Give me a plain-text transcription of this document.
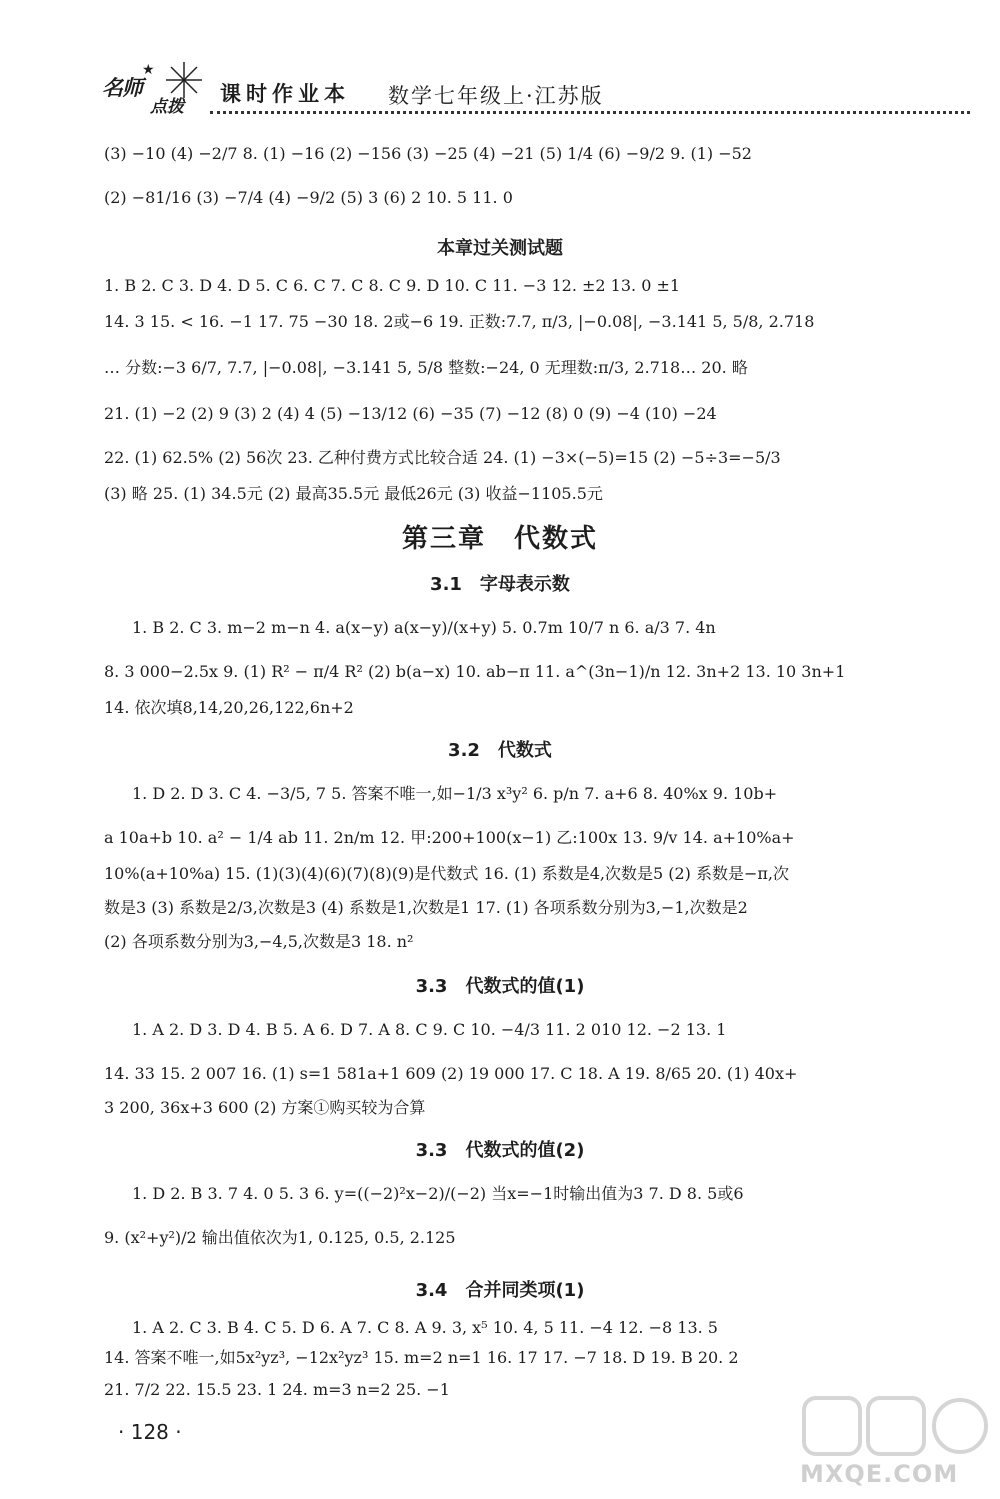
名师
点拨
★
课时作业本 数学七年级上·江苏版
(3) −10 (4) −2/7 8. (1) −16 (2) −156 (3) −25 (4) −21 (5) 1/4 (6) −9/2 9. (1) −52
(2) −81/16 (3) −7/4 (4) −9/2 (5) 3 (6) 2 10. 5 11. 0
本章过关测试题
1. B 2. C 3. D 4. D 5. C 6. C 7. C 8. C 9. D 10. C 11. −3 12. ±2 13. 0 ±1
14. 3 15. < 16. −1 17. 75 −30 18. 2或−6 19. 正数:7.7, π/3, |−0.08|, −3.141 5, 5/8, 2.718
… 分数:−3 6/7, 7.7, |−0.08|, −3.141 5, 5/8 整数:−24, 0 无理数:π/3, 2.718… 20. 略
21. (1) −2 (2) 9 (3) 2 (4) 4 (5) −13/12 (6) −35 (7) −12 (8) 0 (9) −4 (10) −24
22. (1) 62.5% (2) 56次 23. 乙种付费方式比较合适 24. (1) −3×(−5)=15 (2) −5÷3=−5/3
(3) 略 25. (1) 34.5元 (2) 最高35.5元 最低26元 (3) 收益−1105.5元
第三章　代数式
3.1　字母表示数
1. B 2. C 3. m−2 m−n 4. a(x−y) a(x−y)/(x+y) 5. 0.7m 10/7 n 6. a/3 7. 4n
8. 3 000−2.5x 9. (1) R² − π/4 R² (2) b(a−x) 10. ab−π 11. a^(3n−1)/n 12. 3n+2 13. 10 3n+1
14. 依次填8,14,20,26,122,6n+2
3.2　代数式
1. D 2. D 3. C 4. −3/5, 7 5. 答案不唯一,如−1/3 x³y² 6. p/n 7. a+6 8. 40%x 9. 10b+
a 10a+b 10. a² − 1/4 ab 11. 2n/m 12. 甲:200+100(x−1) 乙:100x 13. 9/v 14. a+10%a+
10%(a+10%a) 15. (1)(3)(4)(6)(7)(8)(9)是代数式 16. (1) 系数是4,次数是5 (2) 系数是−π,次
数是3 (3) 系数是2/3,次数是3 (4) 系数是1,次数是1 17. (1) 各项系数分别为3,−1,次数是2
(2) 各项系数分别为3,−4,5,次数是3 18. n²
3.3　代数式的值(1)
1. A 2. D 3. D 4. B 5. A 6. D 7. A 8. C 9. C 10. −4/3 11. 2 010 12. −2 13. 1
14. 33 15. 2 007 16. (1) s=1 581a+1 609 (2) 19 000 17. C 18. A 19. 8/65 20. (1) 40x+
3 200, 36x+3 600 (2) 方案①购买较为合算
3.3　代数式的值(2)
1. D 2. B 3. 7 4. 0 5. 3 6. y=((−2)²x−2)/(−2) 当x=−1时输出值为3 7. D 8. 5或6
9. (x²+y²)/2 输出值依次为1, 0.125, 0.5, 2.125
3.4　合并同类项(1)
1. A 2. C 3. B 4. C 5. D 6. A 7. C 8. A 9. 3, x⁵ 10. 4, 5 11. −4 12. −8 13. 5
14. 答案不唯一,如5x²yz³, −12x²yz³ 15. m=2 n=1 16. 17 17. −7 18. D 19. B 20. 2
21. 7/2 22. 15.5 23. 1 24. m=3 n=2 25. −1
· 128 ·
MXQE.COM
